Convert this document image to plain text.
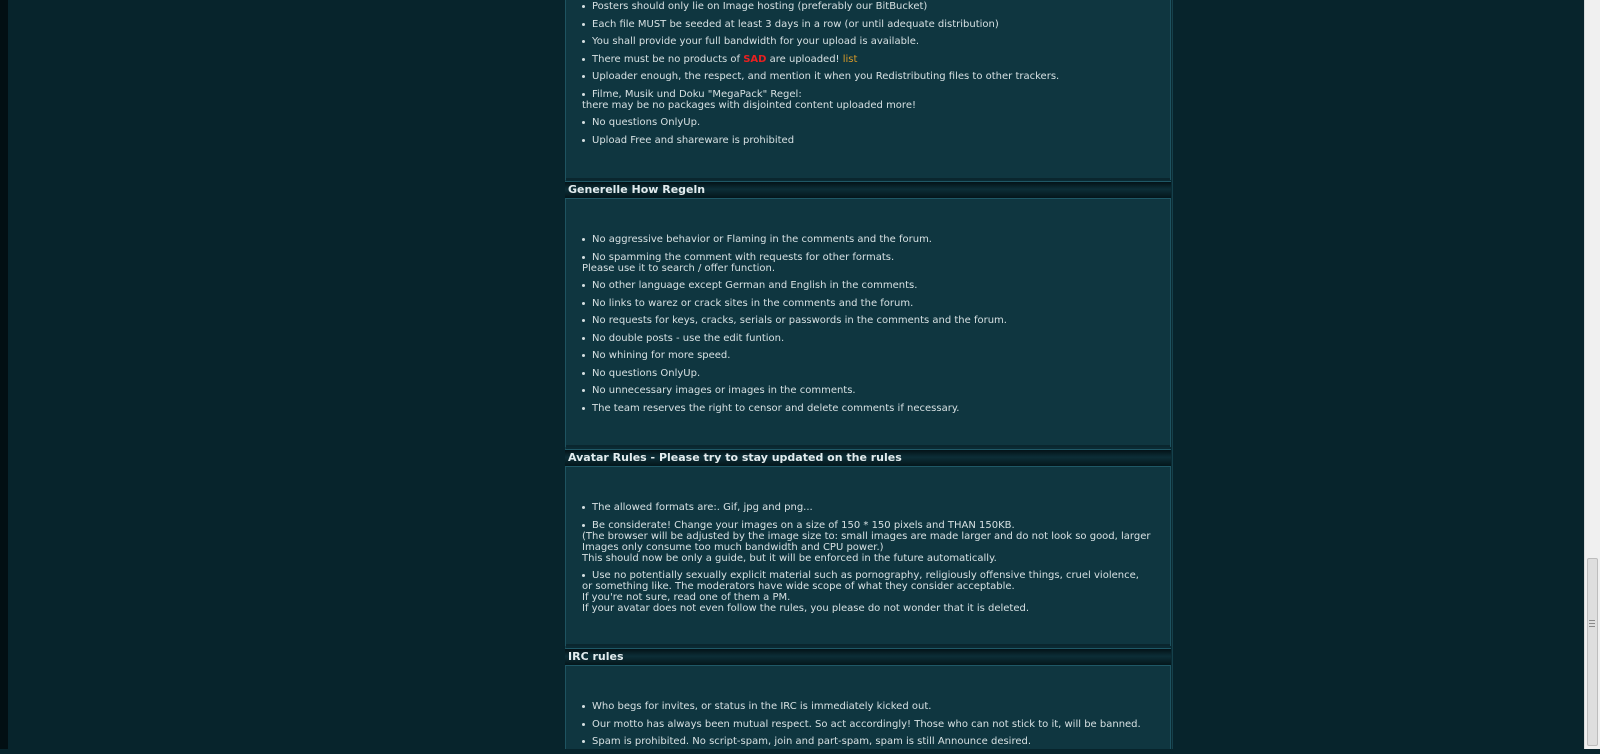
Posters should only lie on Image hosting (preferably our BitBucket)
Each file MUST be seeded at least 3 days in a row (or until adequate distribution)
You shall provide your full bandwidth for your upload is available.
There must be no products of SAD are uploaded! list
Uploader enough, the respect, and mention it when you Redistributing files to other trackers.
Filme, Musik und Doku "MegaPack" Regel:
there may be no packages with disjointed content uploaded more!
No questions OnlyUp.
Upload Free and shareware is prohibited
Generelle How Regeln
No aggressive behavior or Flaming in the comments and the forum.
No spamming the comment with requests for other formats.
Please use it to search / offer function.
No other language except German and English in the comments.
No links to warez or crack sites in the comments and the forum.
No requests for keys, cracks, serials or passwords in the comments and the forum.
No double posts - use the edit funtion.
No whining for more speed.
No questions OnlyUp.
No unnecessary images or images in the comments.
The team reserves the right to censor and delete comments if necessary.
Avatar Rules - Please try to stay updated on the rules
The allowed formats are:. Gif, jpg and png...
Be considerate! Change your images on a size of 150 * 150 pixels and THAN 150KB.
(The browser will be adjusted by the image size to: small images are made larger and do not look so good, larger
Images only consume too much bandwidth and CPU power.)
This should now be only a guide, but it will be enforced in the future automatically.
Use no potentially sexually explicit material such as pornography, religiously offensive things, cruel violence,
or something like. The moderators have wide scope of what they consider acceptable.
If you're not sure, read one of them a PM.
If your avatar does not even follow the rules, you please do not wonder that it is deleted.
IRC rules
Who begs for invites, or status in the IRC is immediately kicked out.
Our motto has always been mutual respect. So act accordingly! Those who can not stick to it, will be banned.
Spam is prohibited. No script-spam, join and part-spam, spam is still Announce desired.
